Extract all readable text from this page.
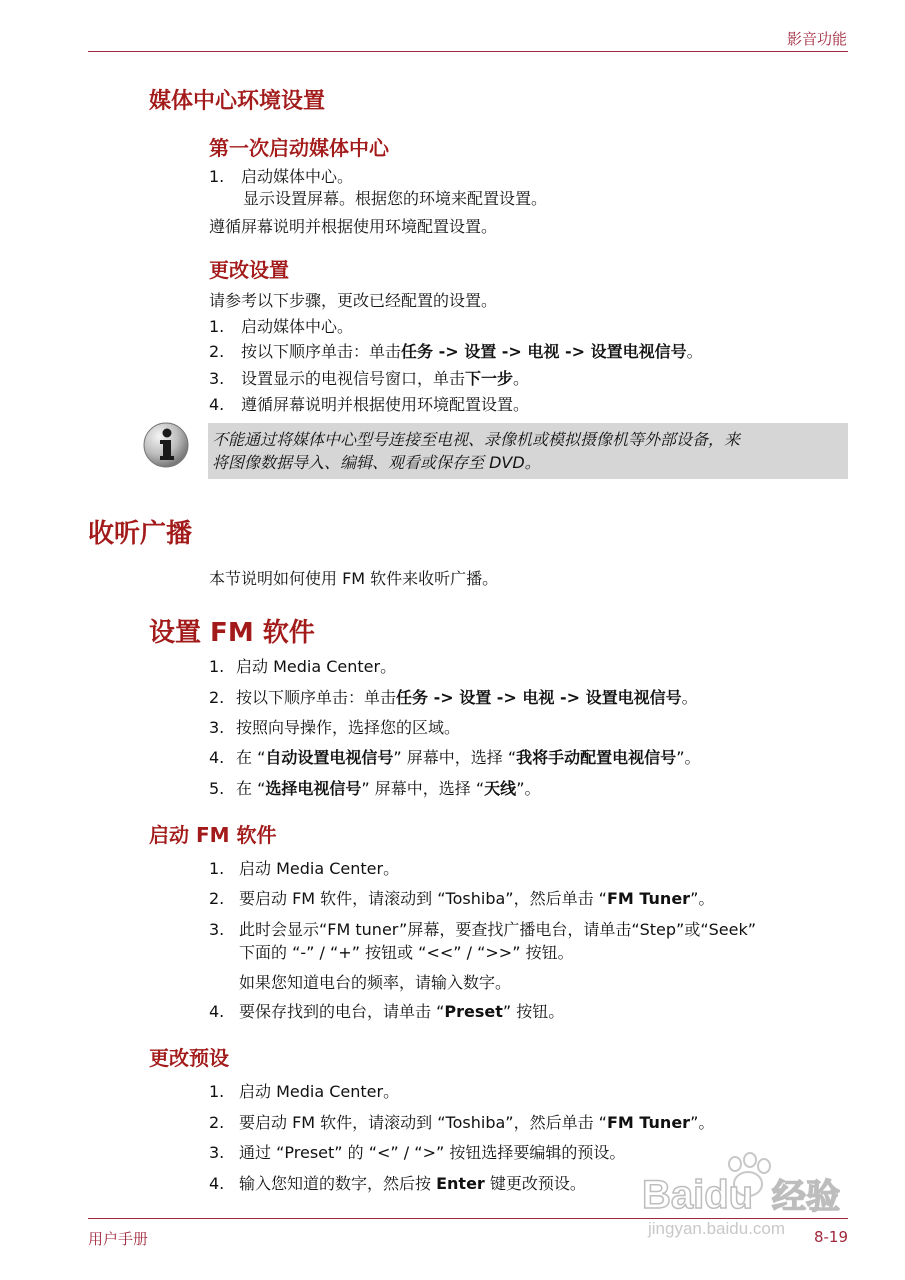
影音功能
媒体中心环境设置
第一次启动媒体中心
1. 启动媒体中心。
显示设置屏幕。根据您的环境来配置设置。
遵循屏幕说明并根据使用环境配置设置。
更改设置
请参考以下步骤，更改已经配置的设置。
1. 启动媒体中心。
2. 按以下顺序单击：单击任务 -> 设置 -> 电视 -> 设置电视信号。
3. 设置显示的电视信号窗口，单击下一步。
4. 遵循屏幕说明并根据使用环境配置设置。
不能通过将媒体中心型号连接至电视、录像机或模拟摄像机等外部设备，来
将图像数据导入、编辑、观看或保存至 DVD。
收听广播
本节说明如何使用 FM 软件来收听广播。
设置 FM 软件
1. 启动 Media Center。
2. 按以下顺序单击：单击任务 -> 设置 -> 电视 -> 设置电视信号。
3. 按照向导操作，选择您的区域。
4. 在 “自动设置电视信号” 屏幕中，选择 “我将手动配置电视信号”。
5. 在 “选择电视信号” 屏幕中，选择 “天线”。
启动 FM 软件
1. 启动 Media Center。
2. 要启动 FM 软件，请滚动到 “Toshiba”，然后单击 “FM Tuner”。
3. 此时会显示“FM tuner”屏幕，要查找广播电台，请单击“Step”或“Seek”
下面的 “-” / “+” 按钮或 “<<” / “>>” 按钮。
如果您知道电台的频率，请输入数字。
4. 要保存找到的电台，请单击 “Preset” 按钮。
更改预设
1. 启动 Media Center。
2. 要启动 FM 软件，请滚动到 “Toshiba”，然后单击 “FM Tuner”。
3. 通过 “Preset” 的 “<” / “>” 按钮选择要编辑的预设。
4. 输入您知道的数字，然后按 Enter 键更改预设。 Baidu 经验
jingyan.baidu.com
用户手册	8-19
